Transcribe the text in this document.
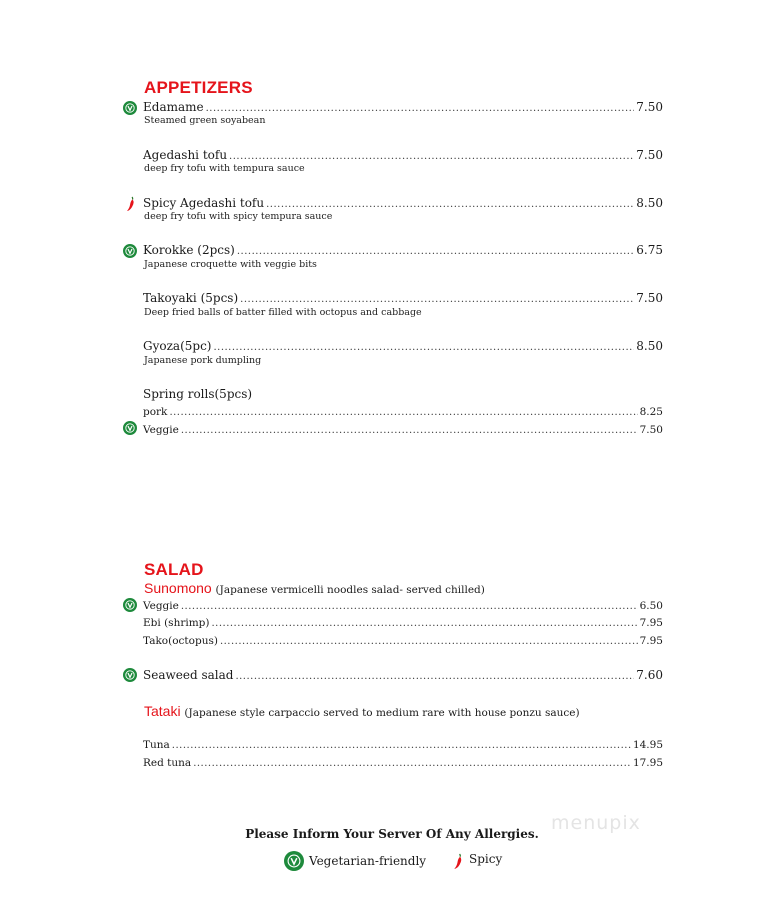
APPETIZERS
Edamame .....	7.50
Steamed green soyabean
Agedashi tofu .....	7.50
deep fry tofu with tempura sauce
Spicy Agedashi tofu .....	8.50
deep fry tofu with spicy tempura sauce
Korokke (2pcs) .....	6.75
Japanese croquette with veggie bits
Takoyaki (5pcs) .....	7.50
Deep fried balls of batter filled with octopus and cabbage
Gyoza(5pc) .....	8.50
Japanese pork dumpling
Spring rolls(5pcs)
pork .....	8.25
Veggie .....	7.50
SALAD
Sunomono (Japanese vermicelli noodles salad- served chilled)
Veggie .....	6.50
Ebi (shrimp) .....	7.95
Tako(octopus) .....	7.95
Seaweed salad .....	7.60
Tataki (Japanese style carpaccio served to medium rare with house ponzu sauce)
Tuna .....	14.95
Red tuna .....	17.95
Please Inform Your Server Of Any Allergies.
Vegetarian-friendly	Spicy
menupix
